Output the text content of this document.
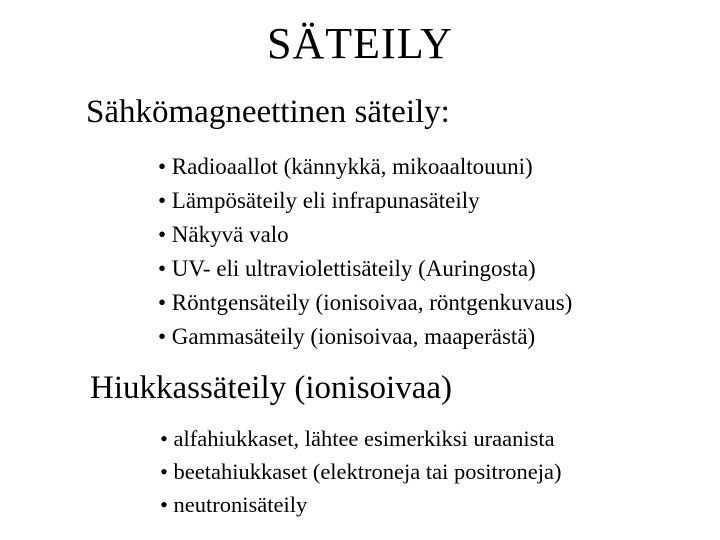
SÄTEILY
Sähkömagneettinen säteily:
• Radioaallot (kännykkä, mikoaaltouuni)
• Lämpösäteily eli infrapunasäteily
• Näkyvä valo
• UV- eli ultraviolettisäteily (Auringosta)
• Röntgensäteily (ionisoivaa, röntgenkuvaus)
• Gammasäteily (ionisoivaa, maaperästä)
Hiukkassäteily (ionisoivaa)
• alfahiukkaset, lähtee esimerkiksi uraanista
• beetahiukkaset (elektroneja tai positroneja)
• neutronisäteily
